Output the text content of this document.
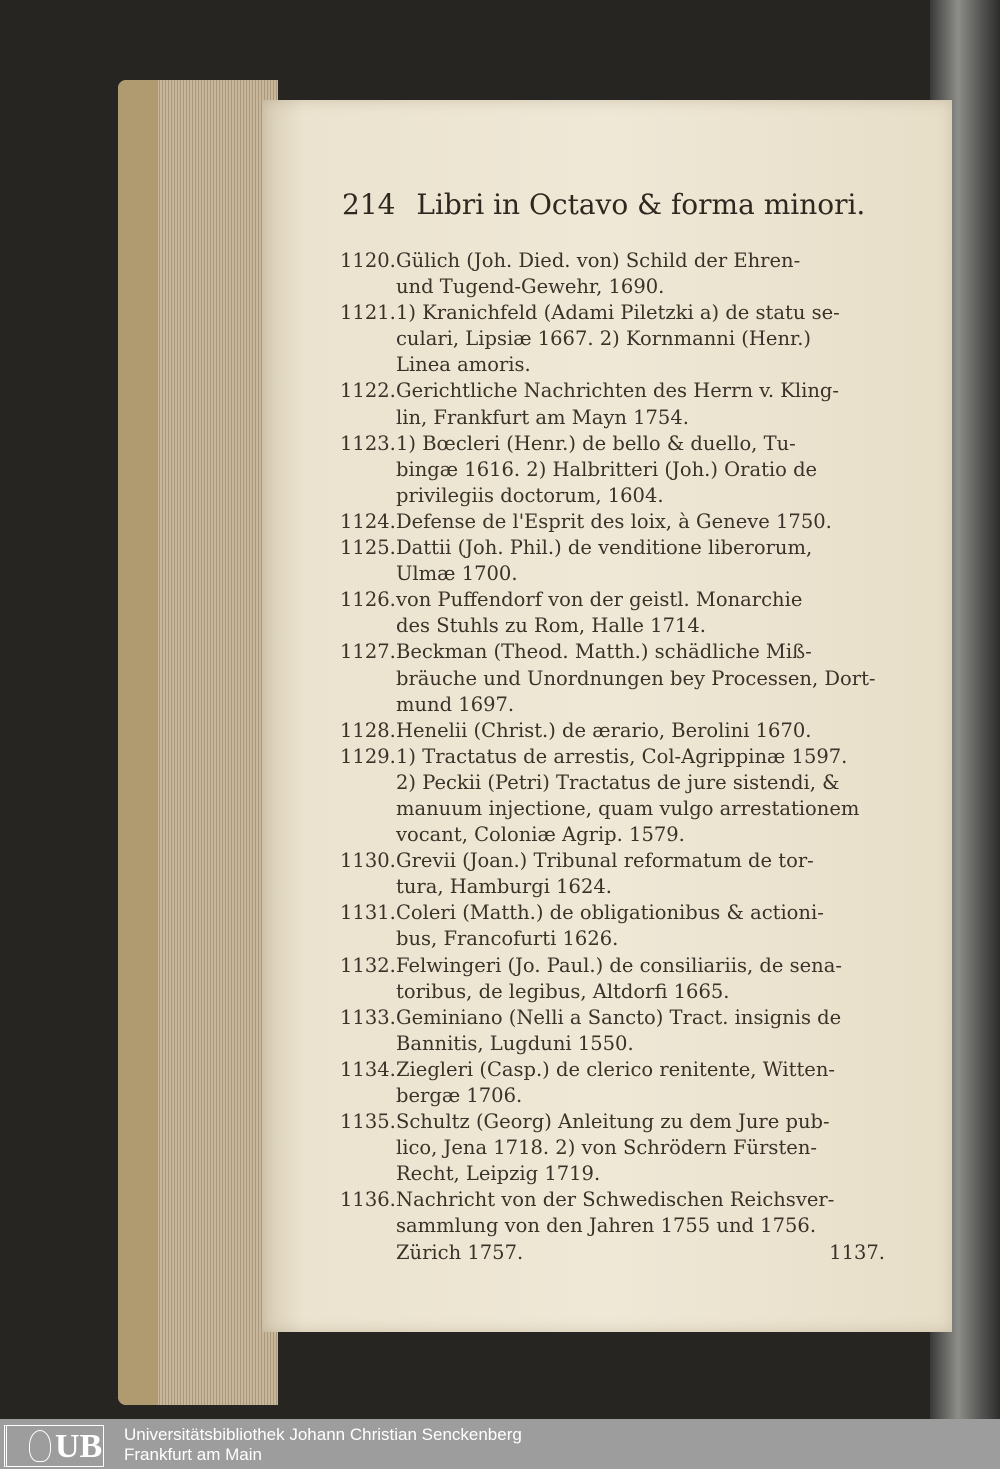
214 Libri in Octavo & forma minori.
1120.Gülich (Joh. Died. von) Schild der Ehren-
und Tugend-Gewehr, 1690.
1121.1) Kranichfeld (Adami Piletzki a) de statu se-
culari, Lipsiæ 1667. 2) Kornmanni (Henr.)
Linea amoris.
1122.Gerichtliche Nachrichten des Herrn v. Kling-
lin, Frankfurt am Mayn 1754.
1123.1) Bœcleri (Henr.) de bello & duello, Tu-
bingæ 1616. 2) Halbritteri (Joh.) Oratio de
privilegiis doctorum, 1604.
1124.Defense de l'Esprit des loix, à Geneve 1750.
1125.Dattii (Joh. Phil.) de venditione liberorum,
Ulmæ 1700.
1126.von Puffendorf von der geistl. Monarchie
des Stuhls zu Rom, Halle 1714.
1127.Beckman (Theod. Matth.) schädliche Miß-
bräuche und Unordnungen bey Processen, Dort-
mund 1697.
1128.Henelii (Christ.) de ærario, Berolini 1670.
1129.1) Tractatus de arrestis, Col-Agrippinæ 1597.
2) Peckii (Petri) Tractatus de jure sistendi, &
manuum injectione, quam vulgo arrestationem
vocant, Coloniæ Agrip. 1579.
1130.Grevii (Joan.) Tribunal reformatum de tor-
tura, Hamburgi 1624.
1131.Coleri (Matth.) de obligationibus & actioni-
bus, Francofurti 1626.
1132.Felwingeri (Jo. Paul.) de consiliariis, de sena-
toribus, de legibus, Altdorfi 1665.
1133.Geminiano (Nelli a Sancto) Tract. insignis de
Bannitis, Lugduni 1550.
1134.Ziegleri (Casp.) de clerico renitente, Witten-
bergæ 1706.
1135.Schultz (Georg) Anleitung zu dem Jure pub-
lico, Jena 1718. 2) von Schrödern Fürsten-
Recht, Leipzig 1719.
1136.Nachricht von der Schwedischen Reichsver-
sammlung von den Jahren 1755 und 1756.
Zürich 1757.	1137.
UB Universitätsbibliothek Johann Christian Senckenberg
Frankfurt am Main
